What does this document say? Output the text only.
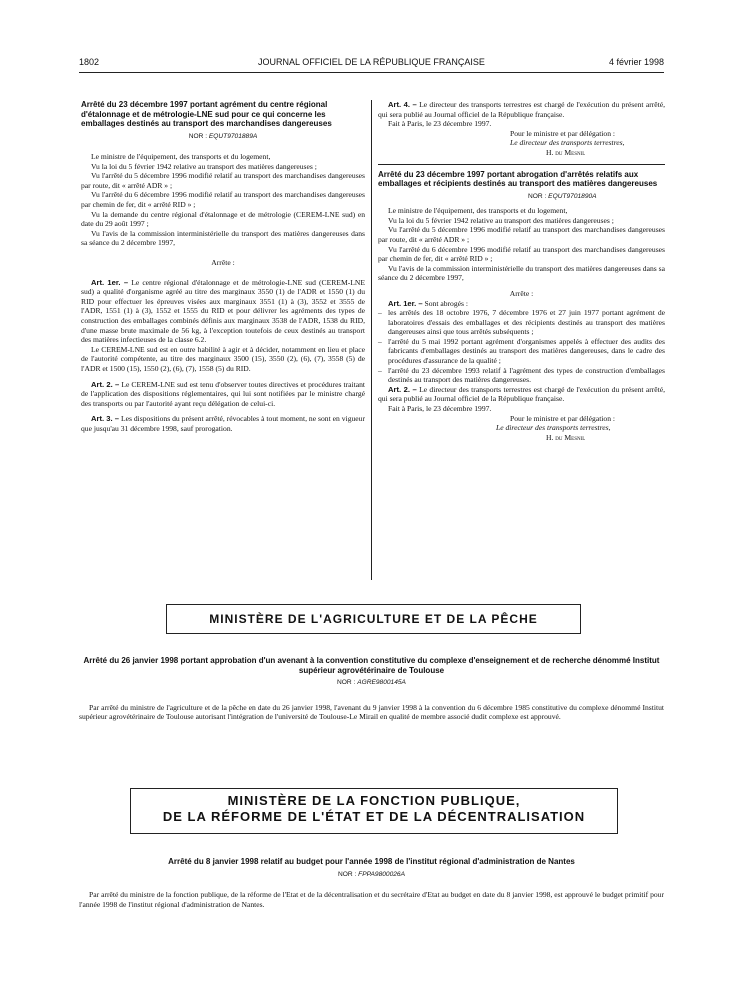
1802	JOURNAL OFFICIEL DE LA RÉPUBLIQUE FRANÇAISE	4 février 1998
Arrêté du 23 décembre 1997 portant agrément du centre régional d'étalonnage et de métrologie-LNE sud pour ce qui concerne les emballages destinés au transport des marchandises dangereuses
NOR : EQUT9701889A

Le ministre de l'équipement, des transports et du logement,

Vu la loi du 5 février 1942 relative au transport des matières dangereuses ;

Vu l'arrêté du 5 décembre 1996 modifié relatif au transport des marchandises dangereuses par route, dit « arrêté ADR » ;

Vu l'arrêté du 6 décembre 1996 modifié relatif au transport des marchandises dangereuses par chemin de fer, dit « arrêté RID » ;

Vu la demande du centre régional d'étalonnage et de métrologie (CEREM-LNE sud) en date du 29 août 1997 ;

Vu l'avis de la commission interministérielle du transport des matières dangereuses dans sa séance du 2 décembre 1997,

Arrête :

Art. 1er. – Le centre régional d'étalonnage et de métrologie-LNE sud (CEREM-LNE sud) a qualité d'organisme agréé au titre des marginaux 3550 (1) de l'ADR et 1550 (1) du RID pour effectuer les épreuves visées aux marginaux 3551 (1) à (3), 3552 et 3555 de l'ADR, 1551 (1) à (3), 1552 et 1555 du RID et pour délivrer les agréments des types de construction des emballages combinés définis aux marginaux 3538 de l'ADR, 1538 du RID, d'une masse brute maximale de 56 kg, à l'exception toutefois de ceux destinés au transport des matières infectieuses de la classe 6.2.

Le CEREM-LNE sud est en outre habilité à agir et à décider, notamment en lieu et place de l'autorité compétente, au titre des marginaux 3500 (15), 3550 (2), (6), (7), 3558 (5) de l'ADR et 1500 (15), 1550 (2), (6), (7), 1558 (5) du RID.

Art. 2. – Le CEREM-LNE sud est tenu d'observer toutes directives et procédures traitant de l'application des dispositions réglementaires, qui lui sont notifiées par le ministre chargé des transports ou par l'autorité ayant reçu délégation de celui-ci.

Art. 3. – Les dispositions du présent arrêté, révocables à tout moment, ne sont en vigueur que jusqu'au 31 décembre 1998, sauf prorogation.

Art. 4. – Le directeur des transports terrestres est chargé de l'exécution du présent arrêté, qui sera publié au Journal officiel de la République française.

Fait à Paris, le 23 décembre 1997.

Pour le ministre et par délégation :

Le directeur des transports terrestres,

H. du Mesnil

Arrêté du 23 décembre 1997 portant abrogation d'arrêtés relatifs aux emballages et récipients destinés au transport des matières dangereuses
NOR : EQUT9701890A

Le ministre de l'équipement, des transports et du logement,

Vu la loi du 5 février 1942 relative au transport des matières dangereuses ;

Vu l'arrêté du 5 décembre 1996 modifié relatif au transport des marchandises dangereuses par route, dit « arrêté ADR » ;

Vu l'arrêté du 6 décembre 1996 modifié relatif au transport des marchandises dangereuses par chemin de fer, dit « arrêté RID » ;

Vu l'avis de la commission interministérielle du transport des matières dangereuses dans sa séance du 2 décembre 1997,

Arrête :

Art. 1er. – Sont abrogés :

– les arrêtés des 18 octobre 1976, 7 décembre 1976 et 27 juin 1977 portant agrément de laboratoires d'essais des emballages et des récipients destinés au transport des matières dangereuses ainsi que tous arrêtés subséquents ;
– l'arrêté du 5 mai 1992 portant agrément d'organismes appelés à effectuer des audits des fabricants d'emballages destinés au transport des matières dangereuses, dans le cadre des procédures d'assurance de la qualité ;
– l'arrêté du 23 décembre 1993 relatif à l'agrément des types de construction d'emballages destinés au transport des matières dangereuses.

Art. 2. – Le directeur des transports terrestres est chargé de l'exécution du présent arrêté, qui sera publié au Journal officiel de la République française.

Fait à Paris, le 23 décembre 1997.

Pour le ministre et par délégation :

Le directeur des transports terrestres,

H. du Mesnil

MINISTÈRE DE L'AGRICULTURE ET DE LA PÊCHE
Arrêté du 26 janvier 1998 portant approbation d'un avenant à la convention constitutive du complexe d'enseignement et de recherche dénommé Institut supérieur agrovétérinaire de Toulouse
NOR : AGRE9800145A

Par arrêté du ministre de l'agriculture et de la pêche en date du 26 janvier 1998, l'avenant du 9 janvier 1998 à la convention du 6 décembre 1985 constitutive du complexe dénommé Institut supérieur agrovétérinaire de Toulouse autorisant l'intégration de l'université de Toulouse-Le Mirail en qualité de membre associé dudit complexe est approuvé.

MINISTÈRE DE LA FONCTION PUBLIQUE,
DE LA RÉFORME DE L'ÉTAT ET DE LA DÉCENTRALISATION
Arrêté du 8 janvier 1998 relatif au budget pour l'année 1998 de l'institut régional d'administration de Nantes
NOR : FPPA9800026A

Par arrêté du ministre de la fonction publique, de la réforme de l'Etat et de la décentralisation et du secrétaire d'Etat au budget en date du 8 janvier 1998, est approuvé le budget primitif pour l'année 1998 de l'institut régional d'administration de Nantes.
